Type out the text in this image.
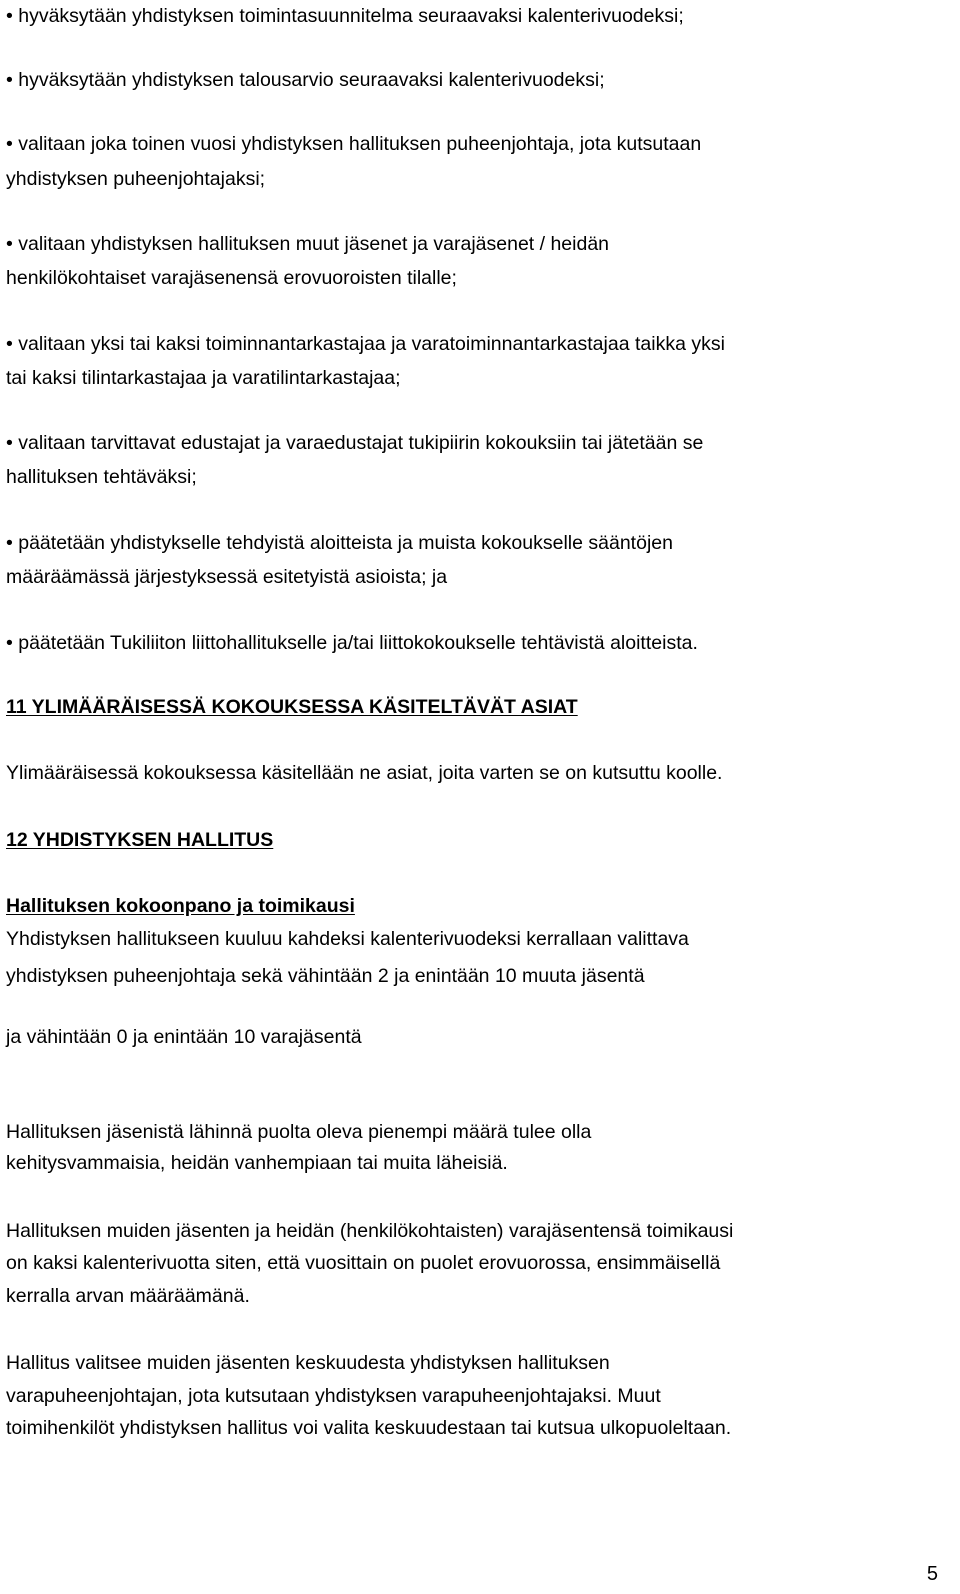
• hyväksytään yhdistyksen toimintasuunnitelma seuraavaksi kalenterivuodeksi;

• hyväksytään yhdistyksen talousarvio seuraavaksi kalenterivuodeksi;

• valitaan joka toinen vuosi yhdistyksen hallituksen puheenjohtaja, jota kutsutaan

yhdistyksen puheenjohtajaksi;

• valitaan yhdistyksen hallituksen muut jäsenet ja varajäsenet / heidän

henkilökohtaiset varajäsenensä erovuoroisten tilalle;

• valitaan yksi tai kaksi toiminnantarkastajaa ja varatoiminnantarkastajaa taikka yksi

tai kaksi tilintarkastajaa ja varatilintarkastajaa;

• valitaan tarvittavat edustajat ja varaedustajat tukipiirin kokouksiin tai jätetään se

hallituksen tehtäväksi;

• päätetään yhdistykselle tehdyistä aloitteista ja muista kokoukselle sääntöjen

määräämässä järjestyksessä esitetyistä asioista; ja

• päätetään Tukiliiton liittohallitukselle ja/tai liittokokoukselle tehtävistä aloitteista.

11 YLIMÄÄRÄISESSÄ KOKOUKSESSA KÄSITELTÄVÄT ASIAT

Ylimääräisessä kokouksessa käsitellään ne asiat, joita varten se on kutsuttu koolle.

12 YHDISTYKSEN HALLITUS

Hallituksen kokoonpano ja toimikausi

Yhdistyksen hallitukseen kuuluu kahdeksi kalenterivuodeksi kerrallaan valittava

yhdistyksen puheenjohtaja sekä vähintään 2 ja enintään 10 muuta jäsentä

ja vähintään 0 ja enintään 10 varajäsentä

Hallituksen jäsenistä lähinnä puolta oleva pienempi määrä tulee olla

kehitysvammaisia, heidän vanhempiaan tai muita läheisiä.

Hallituksen muiden jäsenten ja heidän (henkilökohtaisten) varajäsentensä toimikausi

on kaksi kalenterivuotta siten, että vuosittain on puolet erovuorossa, ensimmäisellä

kerralla arvan määräämänä.

Hallitus valitsee muiden jäsenten keskuudesta yhdistyksen hallituksen

varapuheenjohtajan, jota kutsutaan yhdistyksen varapuheenjohtajaksi. Muut

toimihenkilöt yhdistyksen hallitus voi valita keskuudestaan tai kutsua ulkopuoleltaan.

5
